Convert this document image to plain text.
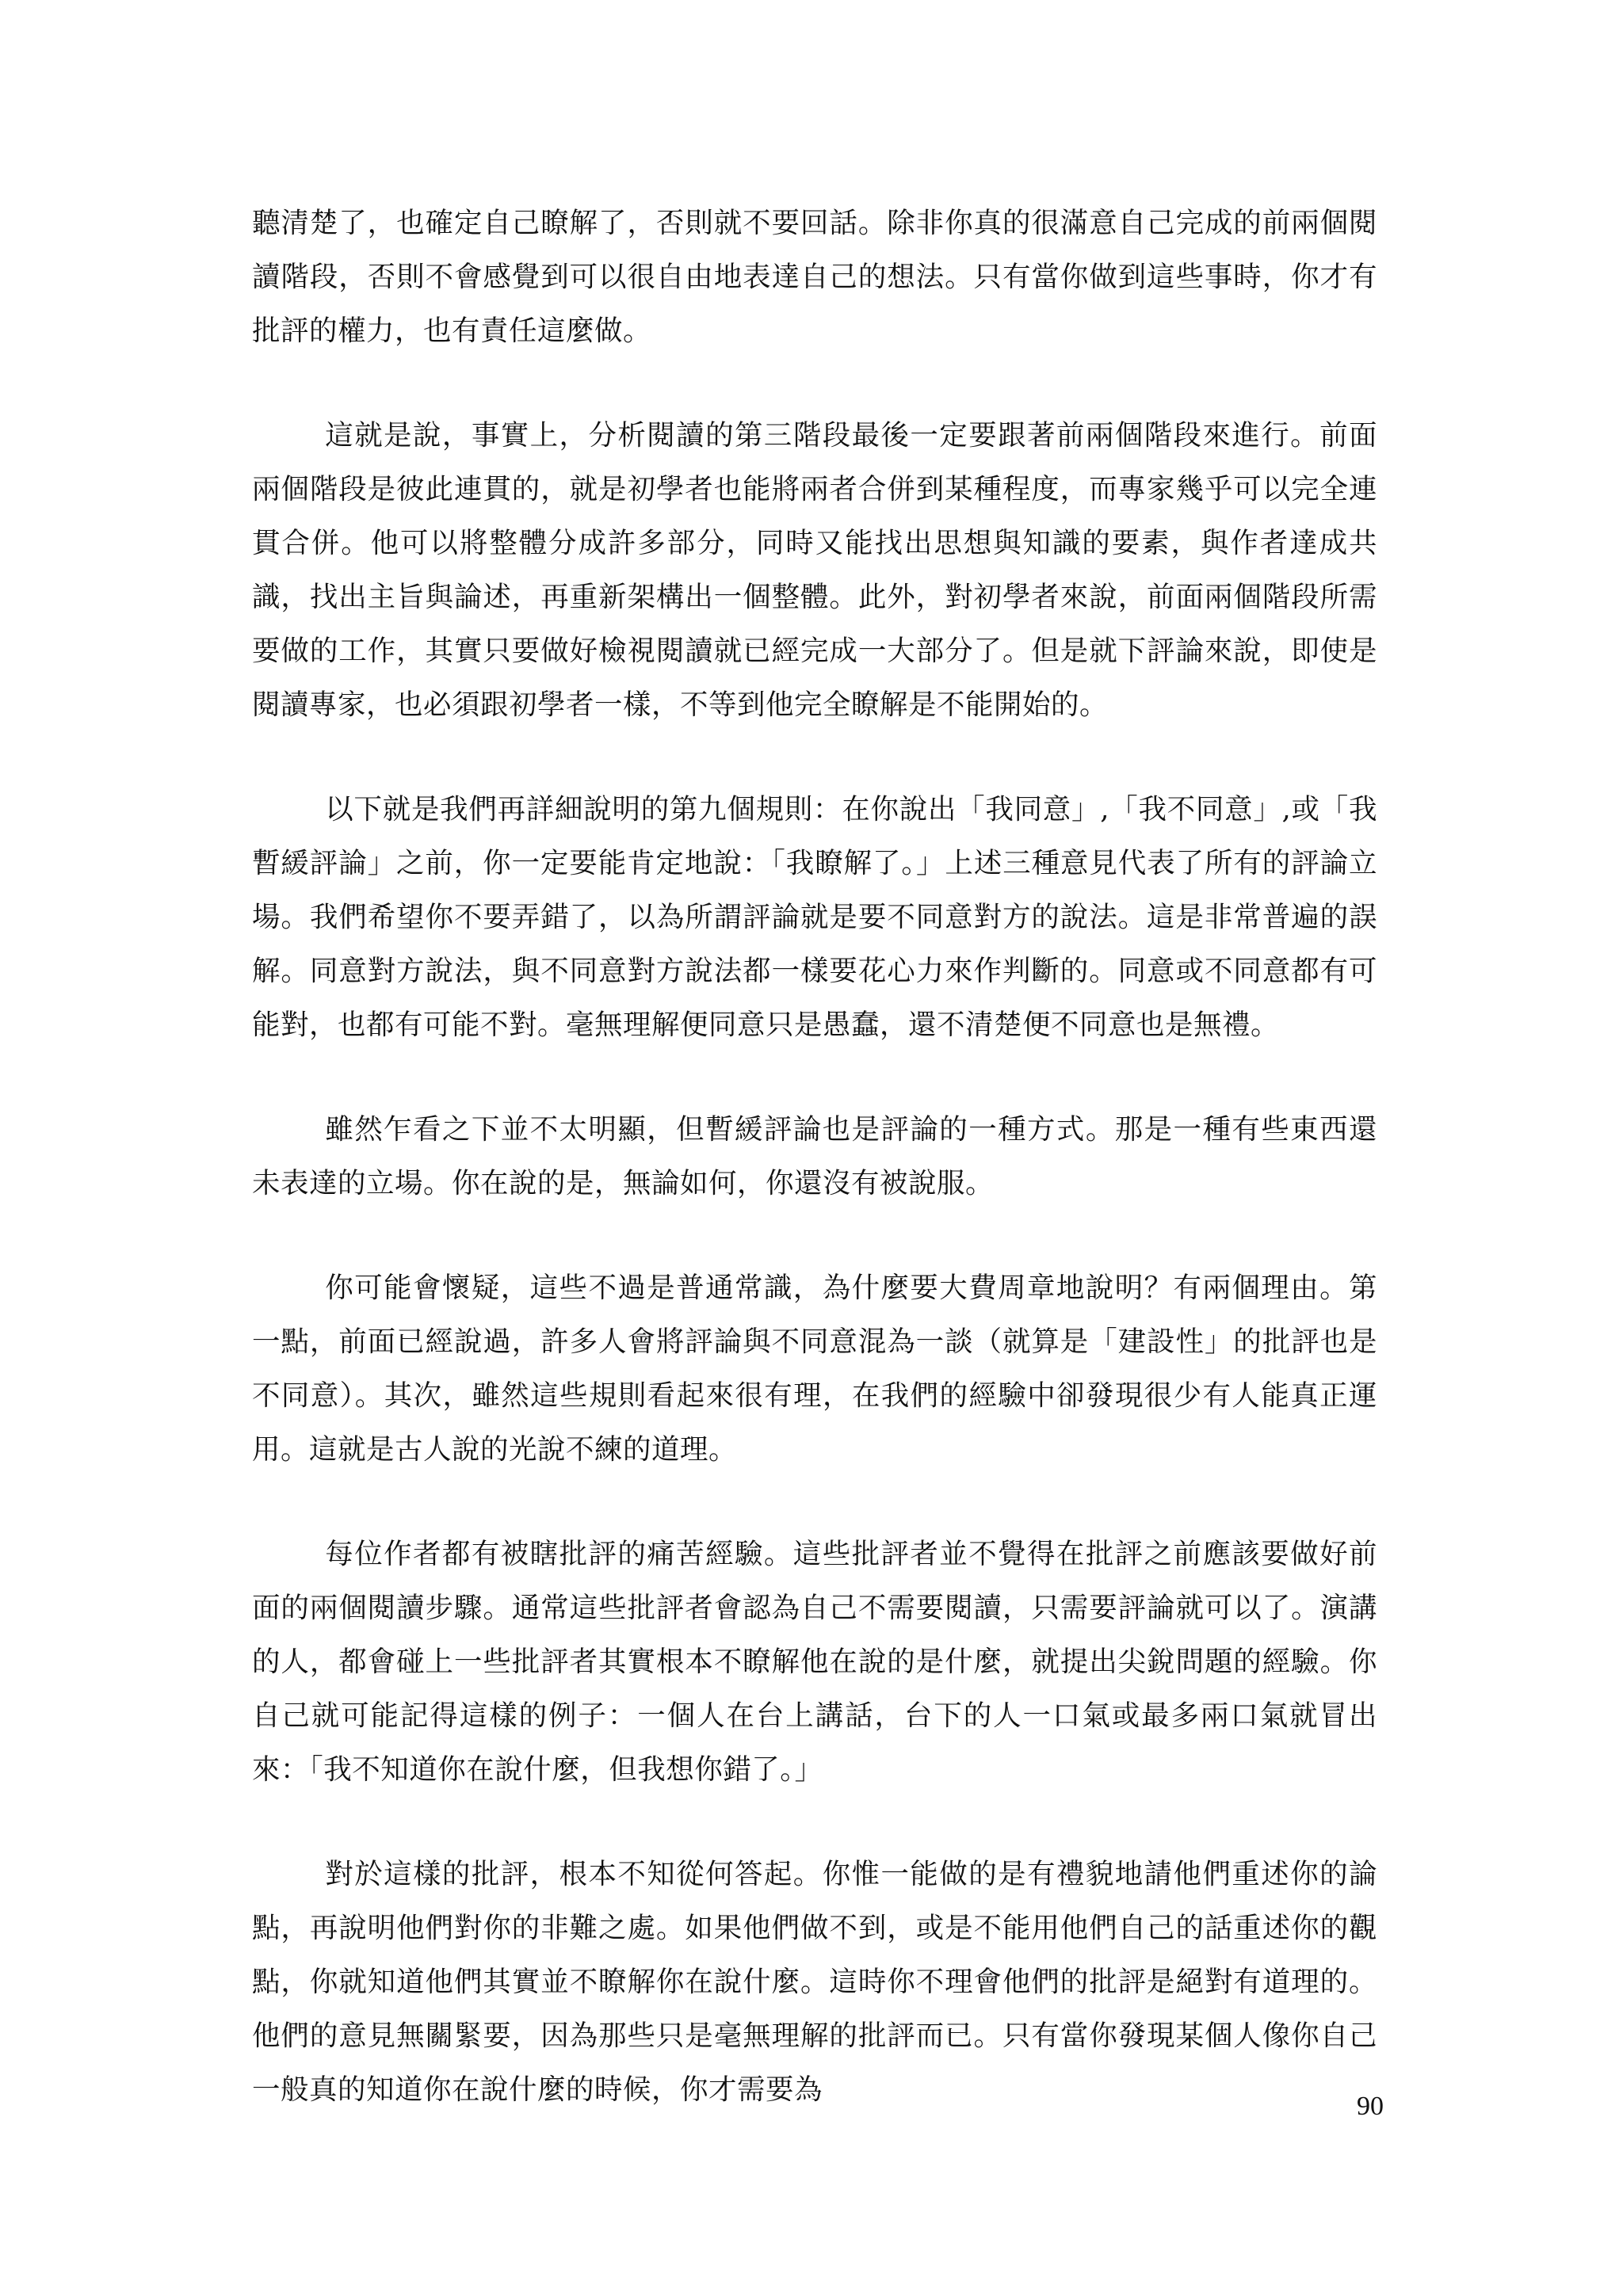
聽清楚了，也確定自己瞭解了，否則就不要回話。除非你真的很滿意自己完成的前兩個閱讀階段，否則不會感覺到可以很自由地表達自己的想法。只有當你做到這些事時，你才有批評的權力，也有責任這麼做。

這就是說，事實上，分析閱讀的第三階段最後一定要跟著前兩個階段來進行。前面兩個階段是彼此連貫的，就是初學者也能將兩者合併到某種程度，而專家幾乎可以完全連貫合併。他可以將整體分成許多部分，同時又能找出思想與知識的要素，與作者達成共識，找出主旨與論述，再重新架構出一個整體。此外，對初學者來說，前面兩個階段所需要做的工作，其實只要做好檢視閱讀就已經完成一大部分了。但是就下評論來說，即使是閱讀專家，也必須跟初學者一樣，不等到他完全瞭解是不能開始的。

以下就是我們再詳細說明的第九個規則：在你說出「我同意」,「我不同意」,或「我暫緩評論」之前，你一定要能肯定地說：「我瞭解了。」上述三種意見代表了所有的評論立場。我們希望你不要弄錯了，以為所謂評論就是要不同意對方的說法。這是非常普遍的誤解。同意對方說法，與不同意對方說法都一樣要花心力來作判斷的。同意或不同意都有可能對，也都有可能不對。毫無理解便同意只是愚蠢，還不清楚便不同意也是無禮。

雖然乍看之下並不太明顯，但暫緩評論也是評論的一種方式。那是一種有些東西還未表達的立場。你在說的是，無論如何，你還沒有被說服。

你可能會懷疑，這些不過是普通常識，為什麼要大費周章地說明？有兩個理由。第一點，前面已經說過，許多人會將評論與不同意混為一談（就算是「建設性」的批評也是不同意）。其次，雖然這些規則看起來很有理，在我們的經驗中卻發現很少有人能真正運用。這就是古人說的光說不練的道理。

每位作者都有被瞎批評的痛苦經驗。這些批評者並不覺得在批評之前應該要做好前面的兩個閱讀步驟。通常這些批評者會認為自己不需要閱讀，只需要評論就可以了。演講的人，都會碰上一些批評者其實根本不瞭解他在說的是什麼，就提出尖銳問題的經驗。你自己就可能記得這樣的例子：一個人在台上講話，台下的人一口氣或最多兩口氣就冒出來：「我不知道你在說什麼，但我想你錯了。」

對於這樣的批評，根本不知從何答起。你惟一能做的是有禮貌地請他們重述你的論點，再說明他們對你的非難之處。如果他們做不到，或是不能用他們自己的話重述你的觀點，你就知道他們其實並不瞭解你在說什麼。這時你不理會他們的批評是絕對有道理的。他們的意見無關緊要，因為那些只是毫無理解的批評而已。只有當你發現某個人像你自己一般真的知道你在說什麼的時候，你才需要為

90
